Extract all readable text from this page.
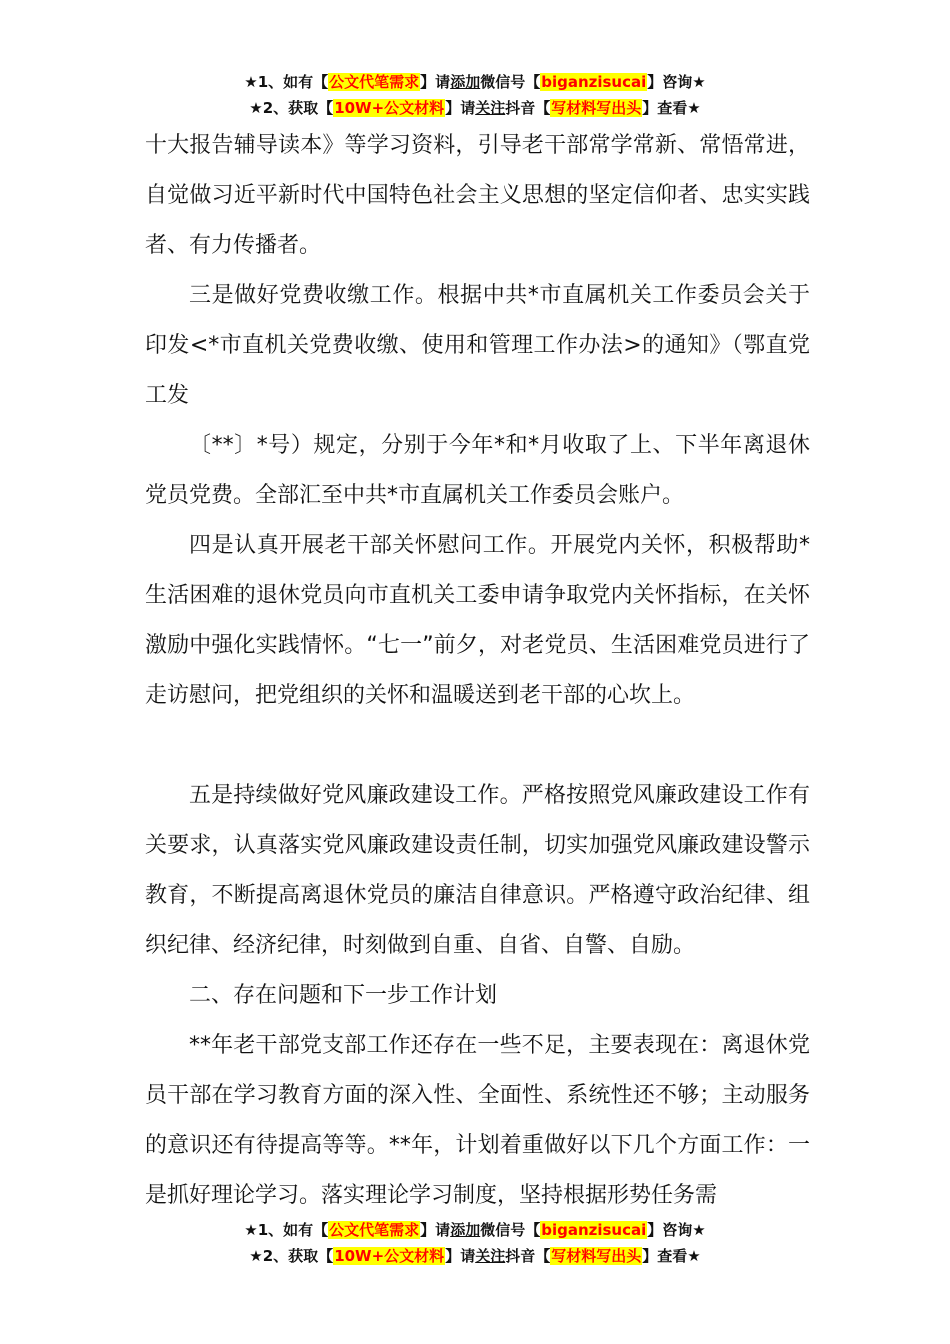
★1、如有【公文代笔需求】请添加微信号【biganzisucai】咨询★
★2、获取【10W+公文材料】请关注抖音【写材料写出头】查看★

十大报告辅导读本》等学习资料，引导老干部常学常新、常悟常进，自觉做习近平新时代中国特色社会主义思想的坚定信仰者、忠实实践者、有力传播者。

三是做好党费收缴工作。根据中共*市直属机关工作委员会关于印发<*市直机关党费收缴、使用和管理工作办法>的通知》（鄂直党工发

〔**〕*号）规定，分别于今年*和*月收取了上、下半年离退休党员党费。全部汇至中共*市直属机关工作委员会账户。

四是认真开展老干部关怀慰问工作。开展党内关怀，积极帮助*生活困难的退休党员向市直机关工委申请争取党内关怀指标，在关怀激励中强化实践情怀。“七一”前夕，对老党员、生活困难党员进行了走访慰问，把党组织的关怀和温暖送到老干部的心坎上。

五是持续做好党风廉政建设工作。严格按照党风廉政建设工作有关要求，认真落实党风廉政建设责任制，切实加强党风廉政建设警示教育，不断提高离退休党员的廉洁自律意识。严格遵守政治纪律、组织纪律、经济纪律，时刻做到自重、自省、自警、自励。

二、存在问题和下一步工作计划

**年老干部党支部工作还存在一些不足，主要表现在：离退休党员干部在学习教育方面的深入性、全面性、系统性还不够；主动服务的意识还有待提高等等。**年，计划着重做好以下几个方面工作：一是抓好理论学习。落实理论学习制度，坚持根据形势任务需

★1、如有【公文代笔需求】请添加微信号【biganzisucai】咨询★
★2、获取【10W+公文材料】请关注抖音【写材料写出头】查看★
